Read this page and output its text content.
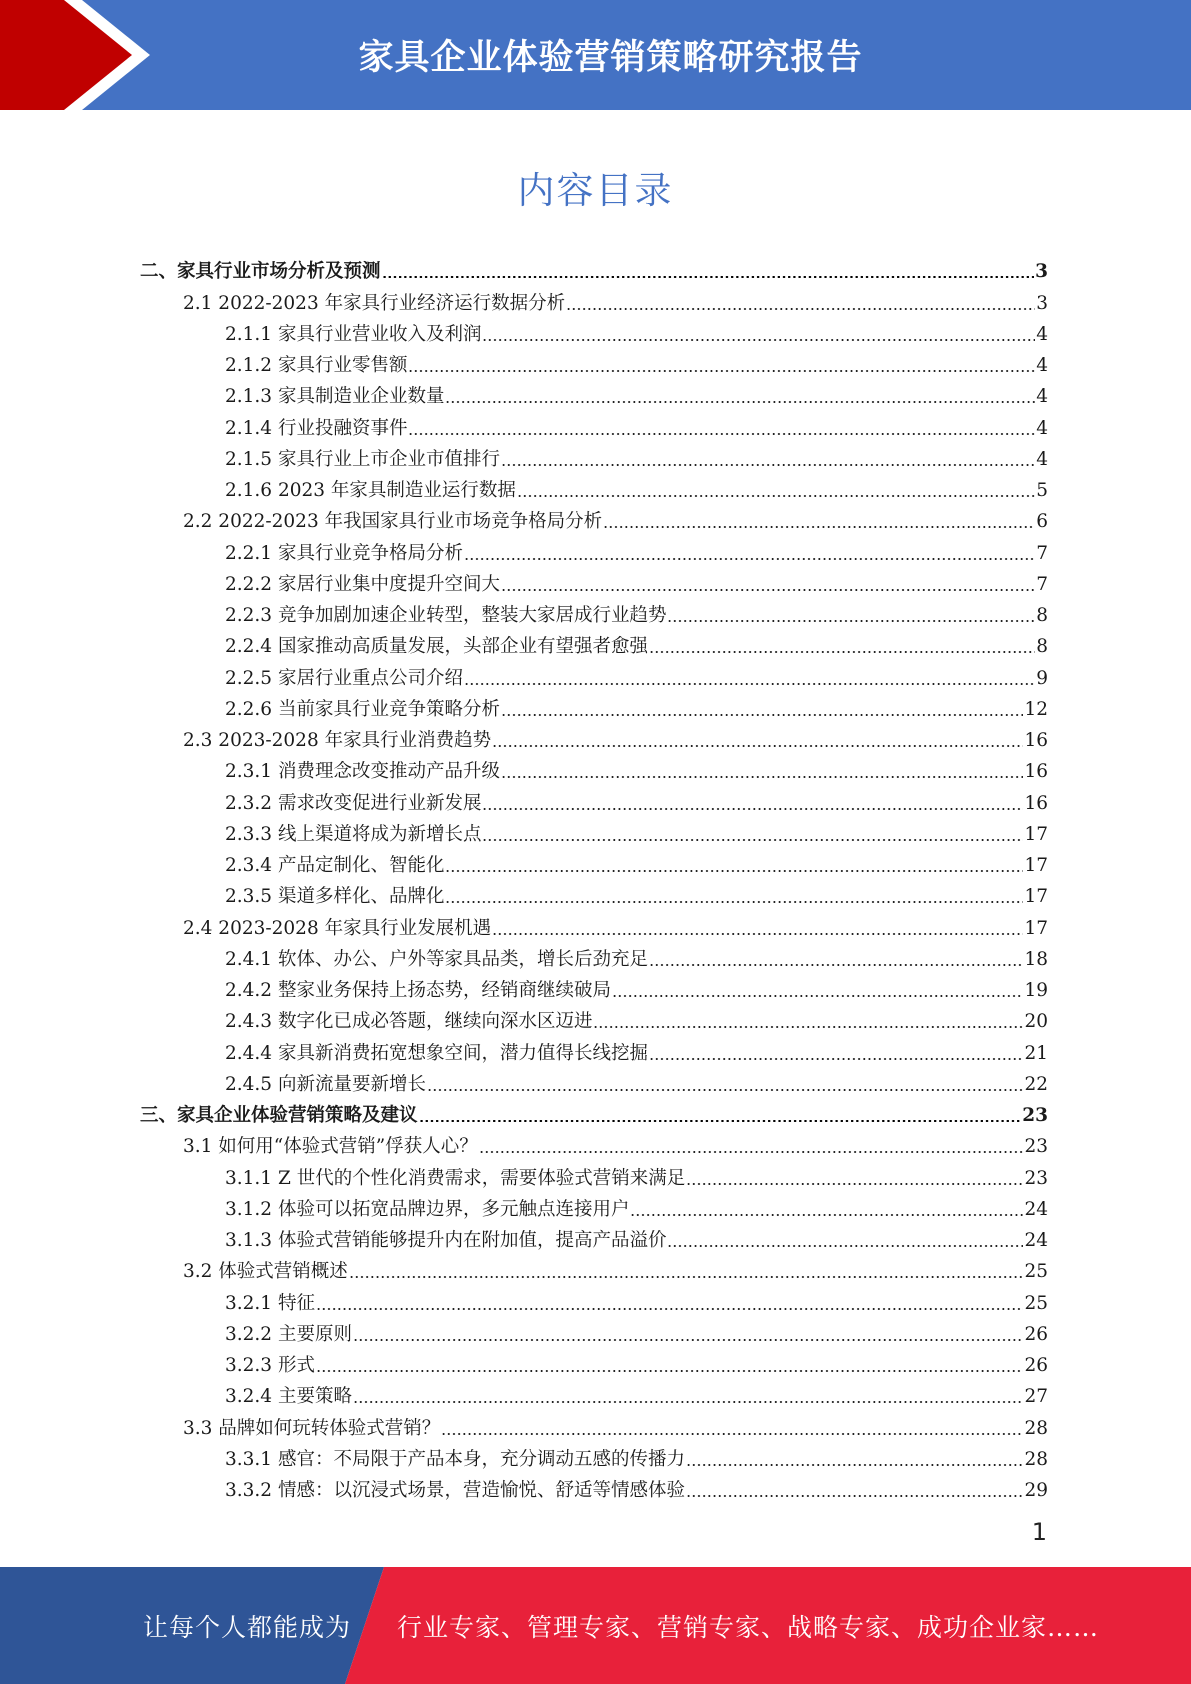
家具企业体验营销策略研究报告
内容目录
二、家具行业市场分析及预测	3
2.1 2022-2023 年家具行业经济运行数据分析	3
2.1.1 家具行业营业收入及利润	4
2.1.2 家具行业零售额	4
2.1.3 家具制造业企业数量	4
2.1.4 行业投融资事件	4
2.1.5 家具行业上市企业市值排行	4
2.1.6 2023 年家具制造业运行数据	5
2.2 2022-2023 年我国家具行业市场竞争格局分析	6
2.2.1 家具行业竞争格局分析	7
2.2.2 家居行业集中度提升空间大	7
2.2.3 竞争加剧加速企业转型，整装大家居成行业趋势	8
2.2.4 国家推动高质量发展，头部企业有望强者愈强	8
2.2.5 家居行业重点公司介绍	9
2.2.6 当前家具行业竞争策略分析	12
2.3 2023-2028 年家具行业消费趋势	16
2.3.1 消费理念改变推动产品升级	16
2.3.2 需求改变促进行业新发展	16
2.3.3 线上渠道将成为新增长点	17
2.3.4 产品定制化、智能化	17
2.3.5 渠道多样化、品牌化	17
2.4 2023-2028 年家具行业发展机遇	17
2.4.1 软体、办公、户外等家具品类，增长后劲充足	18
2.4.2 整家业务保持上扬态势，经销商继续破局	19
2.4.3 数字化已成必答题，继续向深水区迈进	20
2.4.4 家具新消费拓宽想象空间，潜力值得长线挖掘	21
2.4.5 向新流量要新增长	22
三、家具企业体验营销策略及建议	23
3.1 如何用“体验式营销”俘获人心？	23
3.1.1 Z 世代的个性化消费需求，需要体验式营销来满足	23
3.1.2 体验可以拓宽品牌边界，多元触点连接用户	24
3.1.3 体验式营销能够提升内在附加值，提高产品溢价	24
3.2 体验式营销概述	25
3.2.1 特征	25
3.2.2 主要原则	26
3.2.3 形式	26
3.2.4 主要策略	27
3.3 品牌如何玩转体验式营销？	28
3.3.1 感官：不局限于产品本身，充分调动五感的传播力	28
3.3.2 情感：以沉浸式场景，营造愉悦、舒适等情感体验	29
1
让每个人都能成为 行业专家、管理专家、营销专家、战略专家、成功企业家……
